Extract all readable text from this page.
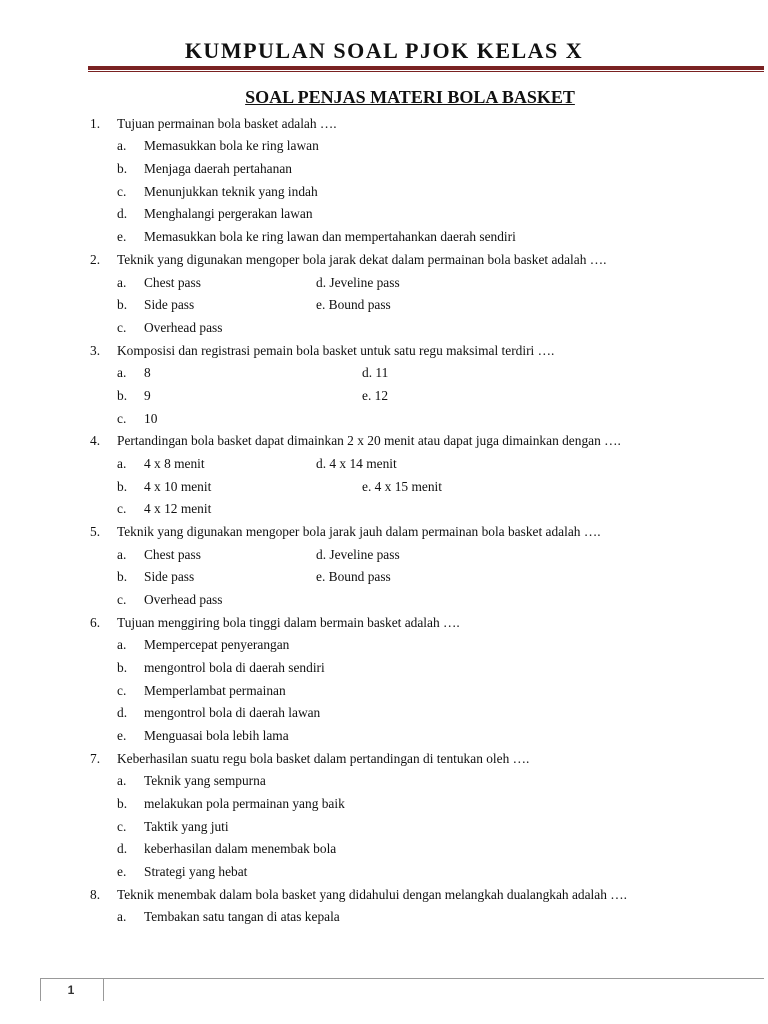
KUMPULAN SOAL PJOK KELAS X
SOAL PENJAS MATERI BOLA BASKET
1. Tujuan permainan bola basket adalah ….
a. Memasukkan bola ke ring lawan
b. Menjaga daerah pertahanan
c. Menunjukkan teknik yang indah
d. Menghalangi pergerakan lawan
e. Memasukkan bola ke ring lawan dan mempertahankan daerah sendiri
2. Teknik yang digunakan mengoper bola jarak dekat dalam permainan bola basket adalah ….
a. Chest pass	d. Jeveline pass
b. Side pass	e. Bound pass
c. Overhead pass
3. Komposisi dan registrasi pemain bola basket untuk satu regu maksimal terdiri ….
a. 8	d. 11
b. 9	e. 12
c. 10
4. Pertandingan bola basket dapat dimainkan 2 x 20 menit atau dapat juga dimainkan dengan ….
a. 4 x 8 menit	d. 4 x 14 menit
b. 4 x 10 menit	e. 4 x 15 menit
c. 4 x 12 menit
5. Teknik yang digunakan mengoper bola jarak jauh dalam permainan bola basket adalah ….
a. Chest pass	d. Jeveline pass
b. Side pass	e. Bound pass
c. Overhead pass
6. Tujuan menggiring bola tinggi dalam bermain basket adalah ….
a. Mempercepat penyerangan
b. mengontrol bola di daerah sendiri
c. Memperlambat permainan
d. mengontrol bola di daerah lawan
e. Menguasai bola lebih lama
7. Keberhasilan suatu regu bola basket dalam pertandingan di tentukan oleh ….
a. Teknik yang sempurna
b. melakukan pola permainan yang baik
c. Taktik yang juti
d. keberhasilan dalam menembak bola
e. Strategi yang hebat
8. Teknik menembak dalam bola basket yang didahului dengan melangkah dualangkah adalah ….
a. Tembakan satu tangan di atas kepala
1
